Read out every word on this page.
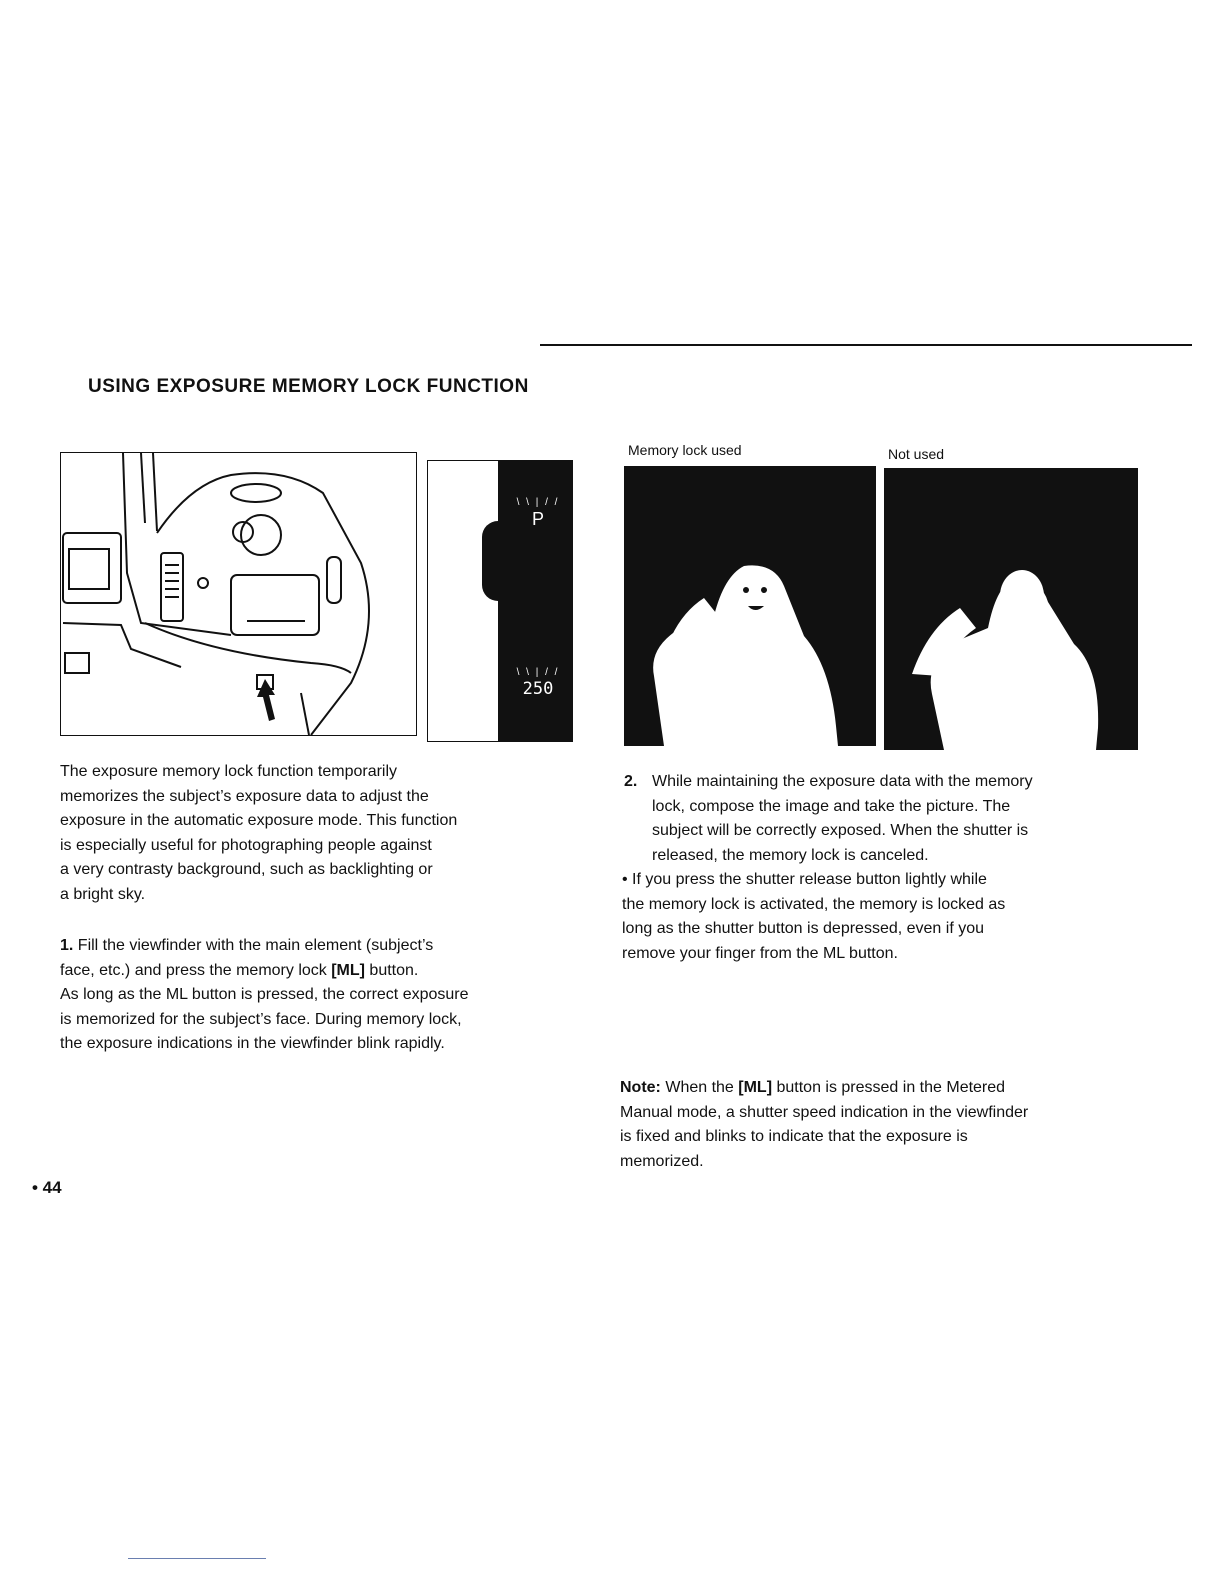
USING EXPOSURE MEMORY LOCK FUNCTION
\ \ | / /
P
\ \ | / /
250
Memory lock used	Not used
The exposure memory lock function temporarily
memorizes the subject’s exposure data to adjust the
exposure in the automatic exposure mode. This function
is especially useful for photographing people against
a very contrasty background, such as backlighting or
a bright sky.
1. Fill the viewfinder with the main element (subject’s
face, etc.) and press the memory lock [ML] button.
As long as the ML button is pressed, the correct exposure
is memorized for the subject’s face. During memory lock,
the exposure indications in the viewfinder blink rapidly.
2. While maintaining the exposure data with the memory
lock, compose the image and take the picture. The
subject will be correctly exposed. When the shutter is
released, the memory lock is canceled.
• If you press the shutter release button lightly while
the memory lock is activated, the memory is locked as
long as the shutter button is depressed, even if you
remove your finger from the ML button.
Note: When the [ML] button is pressed in the Metered
Manual mode, a shutter speed indication in the viewfinder
is fixed and blinks to indicate that the exposure is
memorized.
• 44
